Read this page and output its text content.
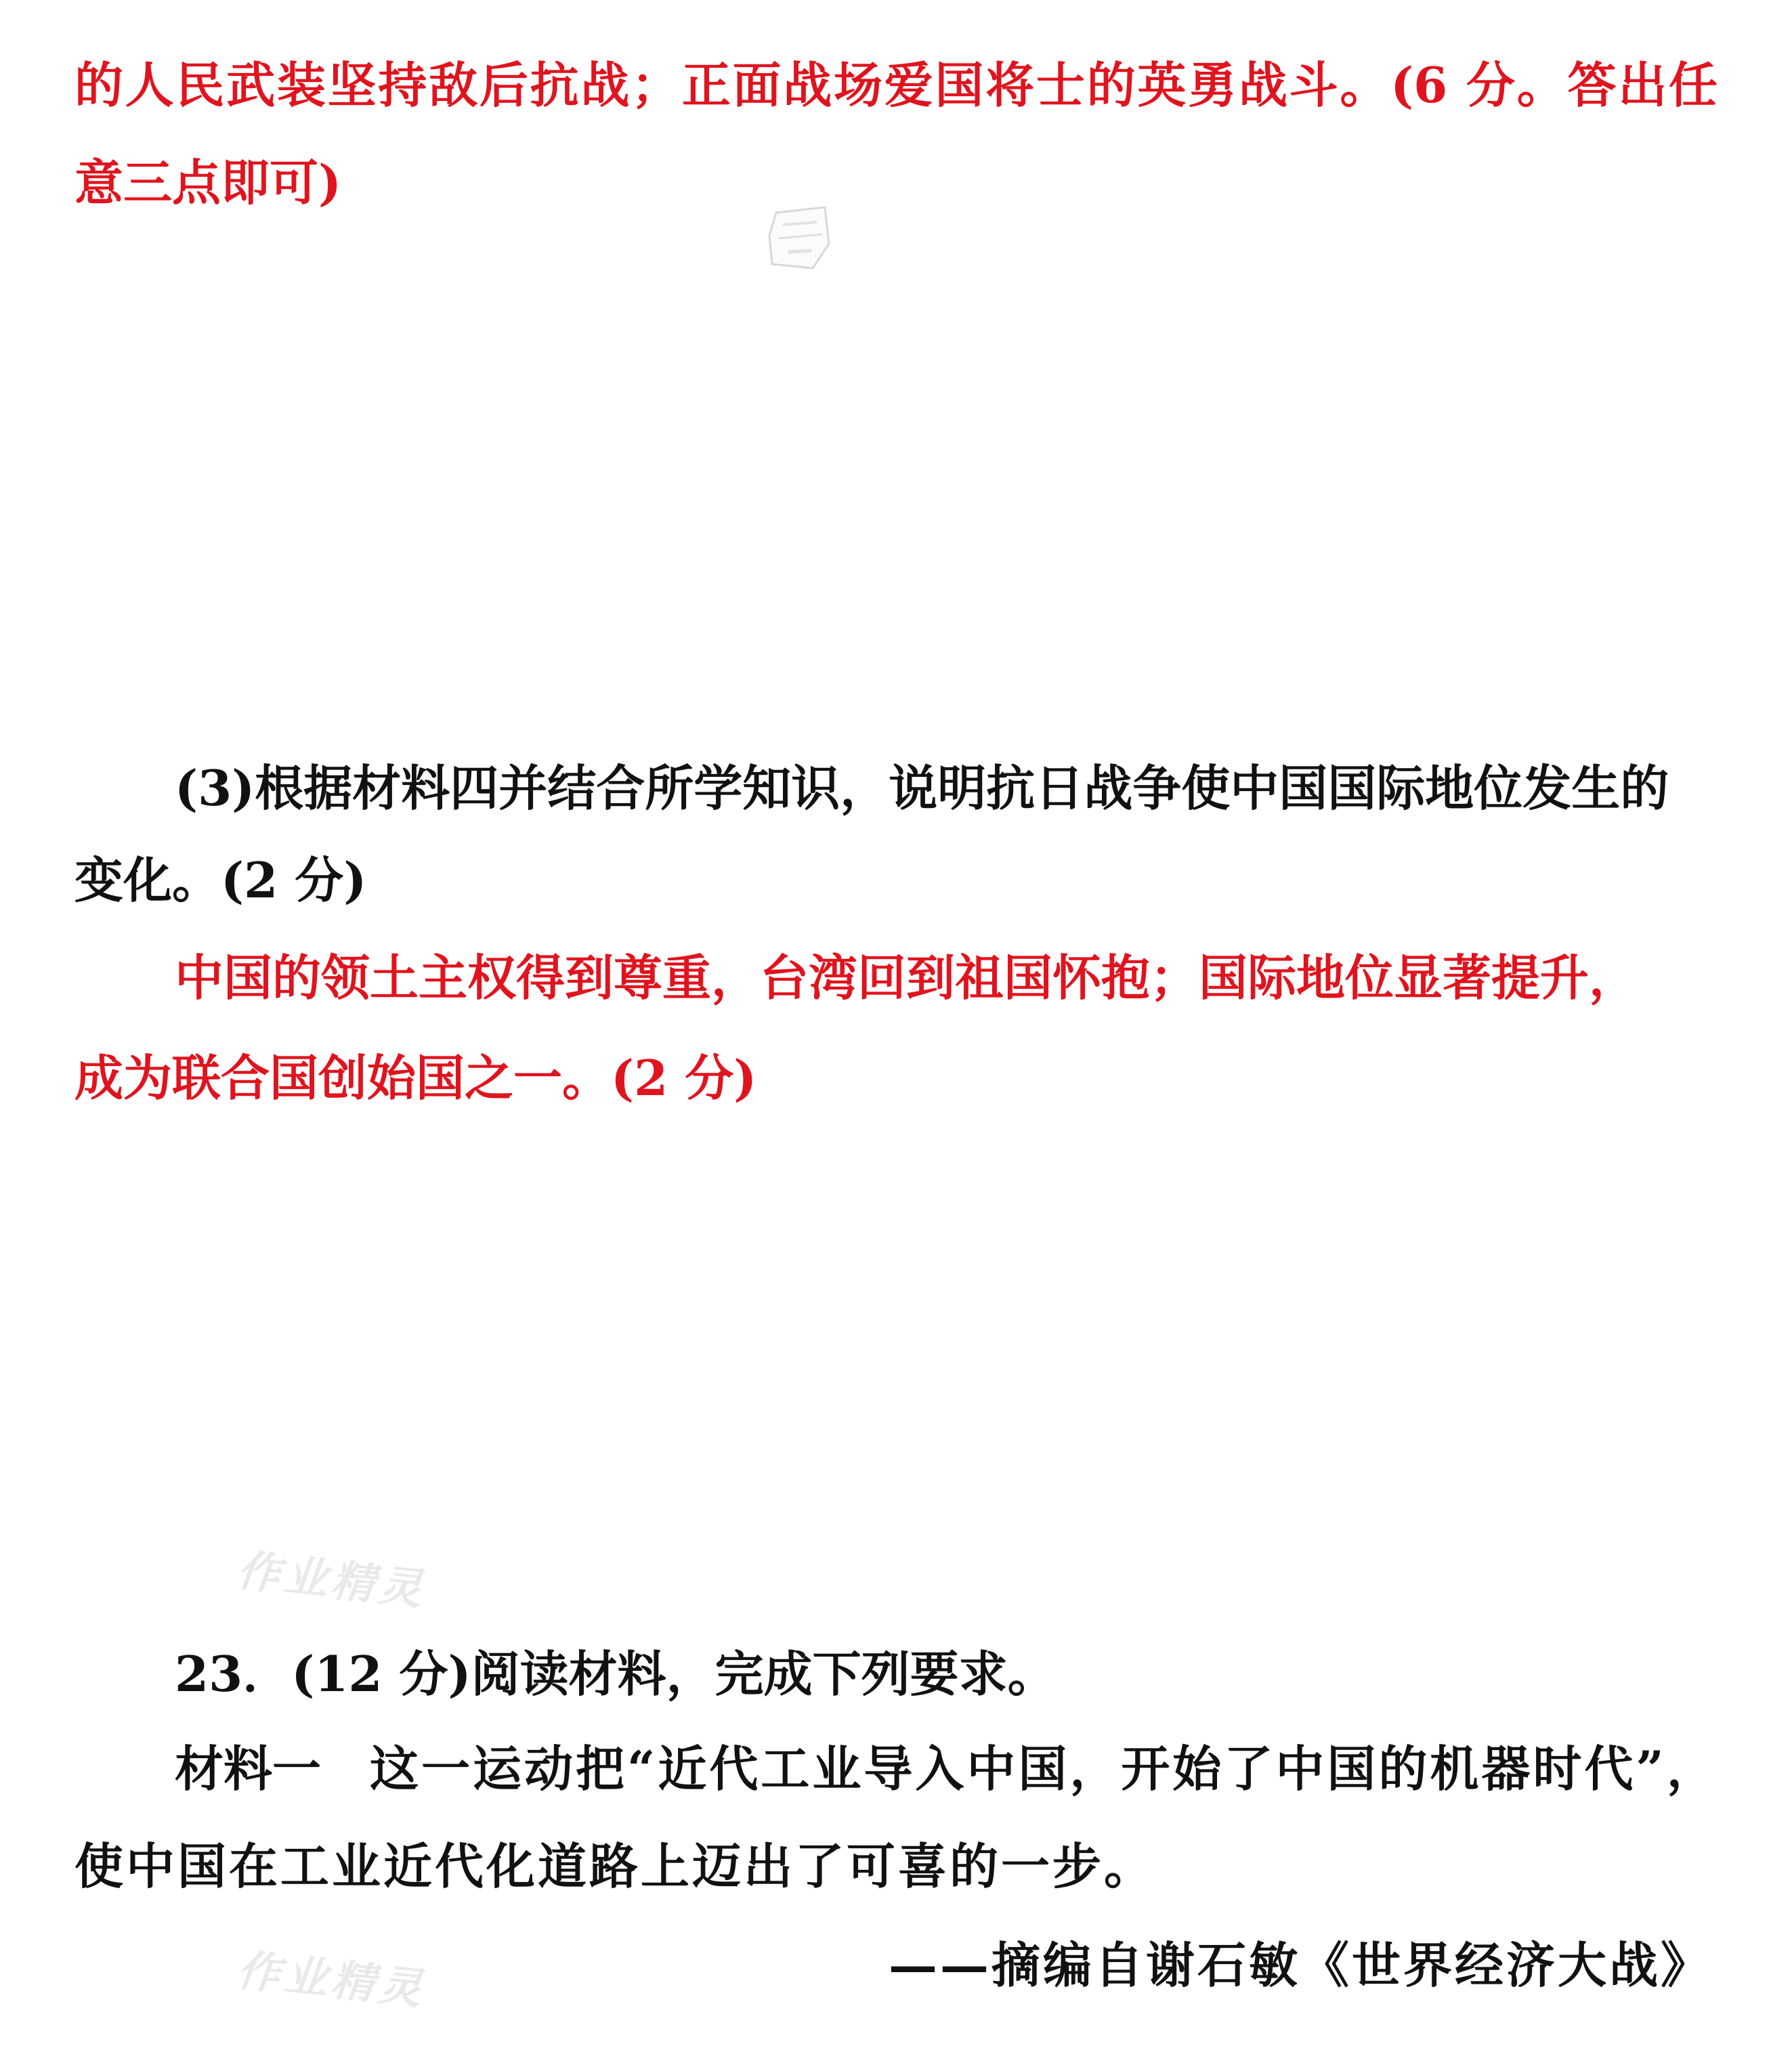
的人民武装坚持敌后抗战；正面战场爱国将士的英勇战斗。(6 分。答出任
意三点即可)
(3)根据材料四并结合所学知识，说明抗日战争使中国国际地位发生的
变化。(2 分)
中国的领土主权得到尊重，台湾回到祖国怀抱；国际地位显著提升，
成为联合国创始国之一。(2 分)
作业精灵
23．(12 分)阅读材料，完成下列要求。
材料一 这一运动把“近代工业导入中国，开始了中国的机器时代”，
使中国在工业近代化道路上迈出了可喜的一步。
作业精灵	——摘编自谢石敏《世界经济大战》
